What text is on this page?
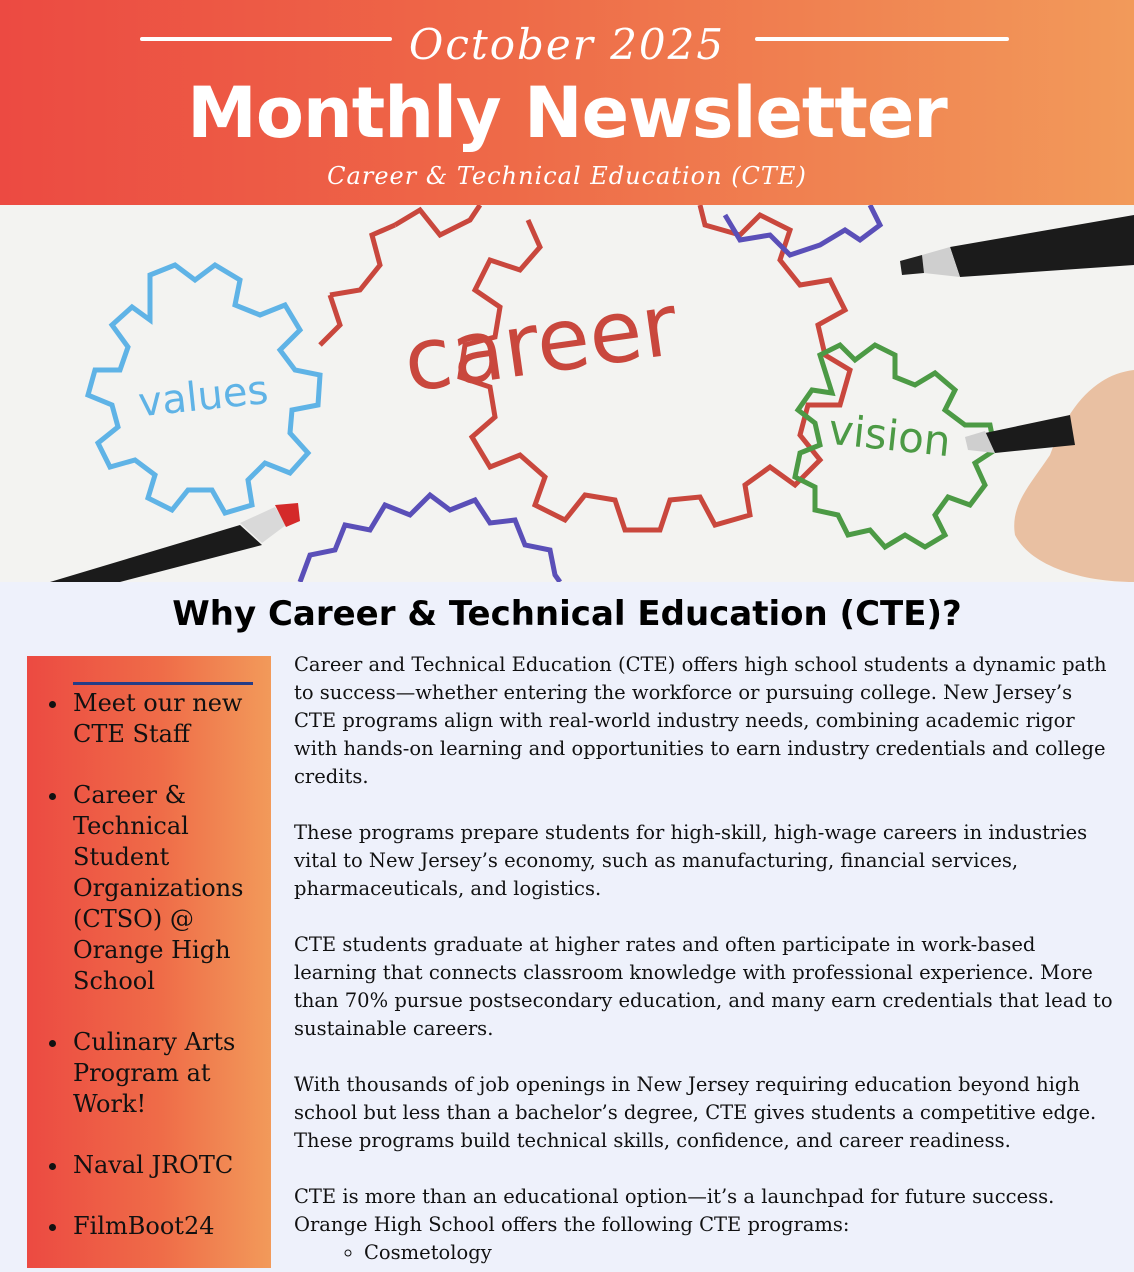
October 2025
Monthly Newsletter
Career & Technical Education (CTE)
career
values
vision
Why Career & Technical Education (CTE)?
Meet our new CTE Staff
Career & Technical Student Organizations (CTSO) @ Orange High School
Culinary Arts Program at Work!
Naval JROTC
FilmBoot24

Career and Technical Education (CTE) offers high school students a dynamic path to success—whether entering the workforce or pursuing college. New Jersey’s CTE programs align with real-world industry needs, combining academic rigor with hands-on learning and opportunities to earn industry credentials and college credits.

These programs prepare students for high-skill, high-wage careers in industries vital to New Jersey’s economy, such as manufacturing, financial services, pharmaceuticals, and logistics.

CTE students graduate at higher rates and often participate in work-based learning that connects classroom knowledge with professional experience. More than 70% pursue postsecondary education, and many earn credentials that lead to sustainable careers.

With thousands of job openings in New Jersey requiring education beyond high school but less than a bachelor’s degree, CTE gives students a competitive edge. These programs build technical skills, confidence, and career readiness.

CTE is more than an educational option—it’s a launchpad for future success. Orange High School offers the following CTE programs:

◦ Cosmetology
